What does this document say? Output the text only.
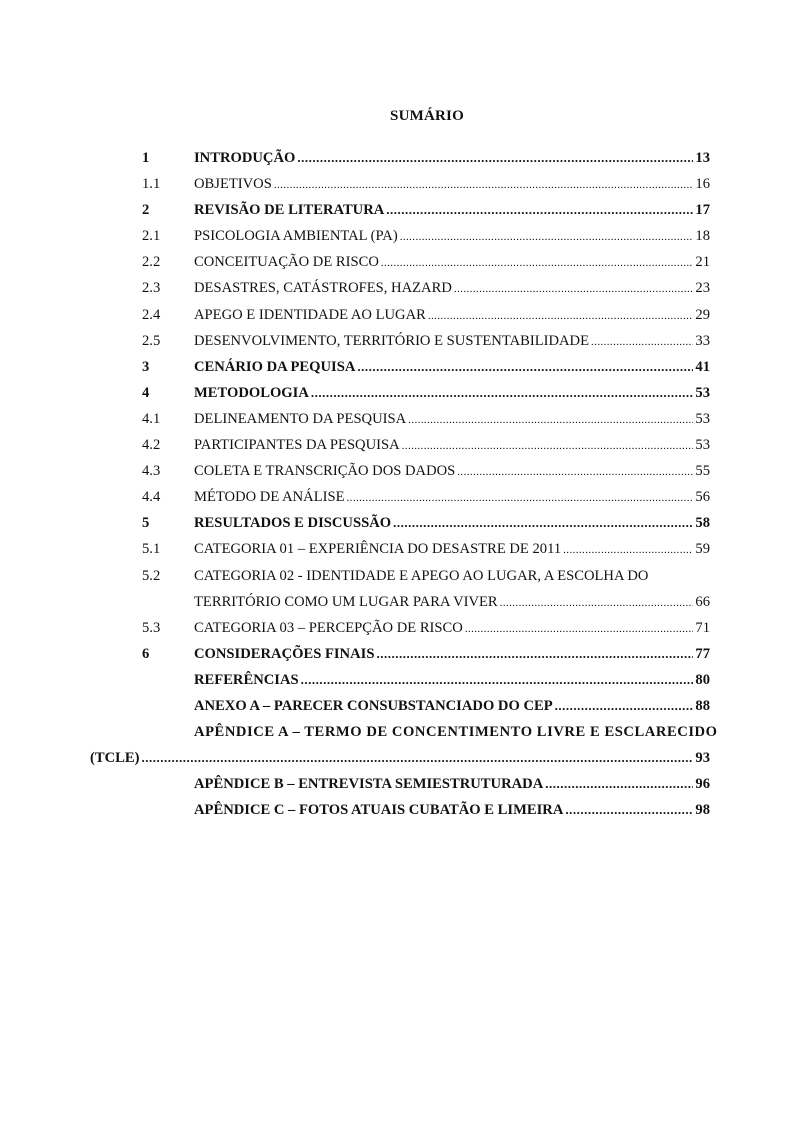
SUMÁRIO
1	INTRODUÇÃO .....	13
1.1	OBJETIVOS .....	16
2	REVISÃO DE LITERATURA .....	17
2.1	PSICOLOGIA AMBIENTAL (PA) .....	18
2.2	CONCEITUAÇÃO DE RISCO .....	21
2.3	DESASTRES, CATÁSTROFES, HAZARD .....	23
2.4	APEGO E IDENTIDADE AO LUGAR .....	29
2.5	DESENVOLVIMENTO, TERRITÓRIO E SUSTENTABILIDADE .....	33
3	CENÁRIO DA PEQUISA .....	41
4	METODOLOGIA .....	53
4.1	DELINEAMENTO DA PESQUISA .....	53
4.2	PARTICIPANTES DA PESQUISA .....	53
4.3	COLETA E TRANSCRIÇÃO DOS DADOS .....	55
4.4	MÉTODO DE ANÁLISE .....	56
5	RESULTADOS E DISCUSSÃO .....	58
5.1	CATEGORIA 01 – EXPERIÊNCIA DO DESASTRE DE 2011 .....	59
5.2	CATEGORIA 02 - IDENTIDADE E APEGO AO LUGAR, A ESCOLHA DO
TERRITÓRIO COMO UM LUGAR PARA VIVER .....	66
5.3	CATEGORIA 03 – PERCEPÇÃO DE RISCO .....	71
6	CONSIDERAÇÕES FINAIS .....	77
REFERÊNCIAS .....	80
ANEXO A – PARECER CONSUBSTANCIADO DO CEP .....	88
APÊNDICE A – TERMO DE CONCENTIMENTO LIVRE E ESCLARECIDO
(TCLE) .....	93
APÊNDICE B – ENTREVISTA SEMIESTRUTURADA .....	96
APÊNDICE C – FOTOS ATUAIS CUBATÃO E LIMEIRA .....	98
